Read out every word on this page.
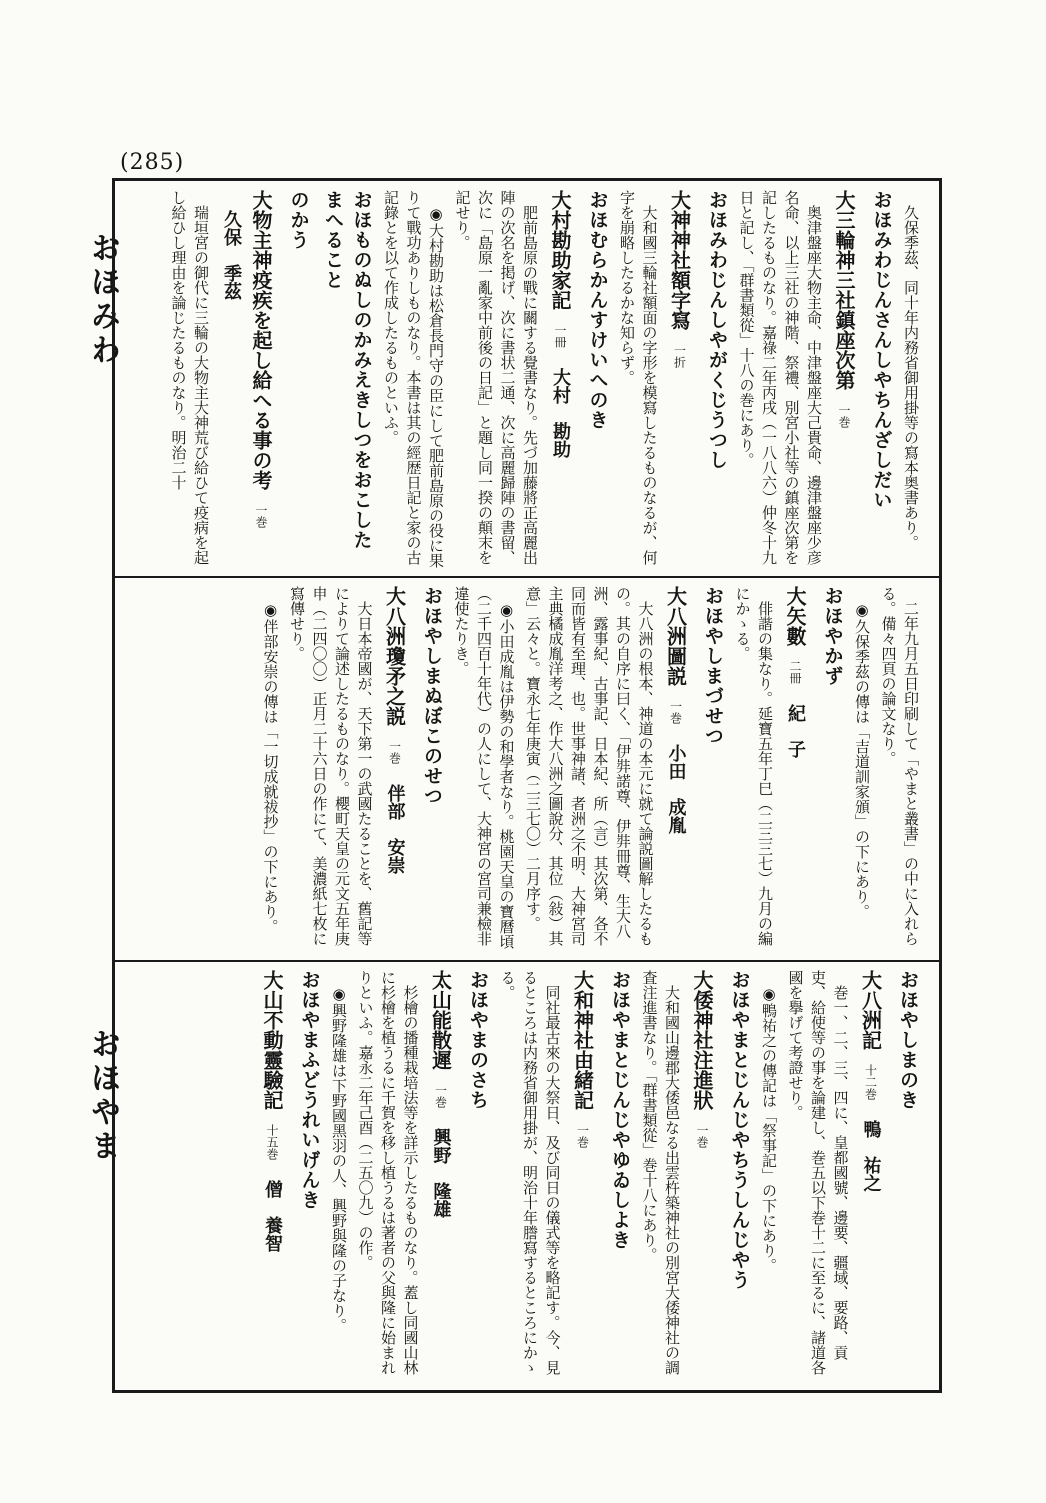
(285)
おほみわ
おほやま

久保季茲、同十年内務省御用掛等の寫本奥書あり。

おほみわじんさんしやちんざしだい
大三輪神三社鎮座次第一巻

奥津盤座大物主命、中津盤座大己貴命、邊津盤座少彦名命、以上三社の神階、祭禮、別宮小社等の鎮座次第を記したるものなり。嘉祿二年丙戌（一八八六）仲冬十九日と記し、「群書類從」十八の巻にあり。

おほみわじんしやがくじうつし
大神神社額字寫一折

大和國三輪社額面の字形を模寫したるものなるが、何字を崩略したるかな知らず。

おほむらかんすけいへのき
大村勘助家記一冊大村　勘助

肥前島原の戰に關する覺書なり。先づ加藤將正高麗出陣の次名を掲げ、次に書状二通、次に高麗歸陣の書留、次に「島原一亂家中前後の日記」と題し同一揆の顛末を記せり。

◉大村勘助は松倉長門守の臣にして肥前島原の役に果りて戰功ありしものなり。本書は其の經歴日記と家の古記錄とを以て作成したるものといふ。

おほものぬしのかみえきしつをおこしたまへること
のかう
大物主神疫疾を起し給へる事の考一巻久保　季茲

瑞垣宮の御代に三輪の大物主大神荒び給ひて疫病を起し給ひし理由を論じたるものなり。明治二十

二年九月五日印刷して「やまと叢書」の中に入れらる。備々四頁の論文なり。

◉久保季茲の傳は「吉道訓家頒」の下にあり。

おほやかず
大矢數二冊紀　子

俳諧の集なり。延寶五年丁巳（二三三七）九月の編にかゝる。

おほやしまづせつ
大八洲圖説一巻小田　成胤

大八洲の根本、神道の本元に就て論説圖解したるもの。其の自序に曰く、「伊弉諾尊、伊弉冊尊、生大八洲、露事紀、古事記、日本紀、所（言）其次第、各不同而皆有至理、也。世事神諸、者洲之不明、大神宮司主典橘成胤洋考之、作大八洲之圖說分、其位（敍）其意」云々と。寶永七年庚寅（二三七〇）二月序す。

◉小田成胤は伊勢の和學者なり。桃園天皇の寶曆頃（二千四百十年代）の人にして、大神宮の宮司兼檢非違使たりき。

おほやしまぬぼこのせつ
大八洲瓊矛之説一巻伴部　安崇

大日本帝國が、天下第一の武國たることを、舊記等によりて論述したるものなり。櫻町天皇の元文五年庚申（二四〇〇）正月二十六日の作にて、美濃紙七枚に寫傳せり。

◉伴部安崇の傳は「一切成就祓抄」の下にあり。

おほやしまのき
大八洲記十二巻鴨　祐之

巻一、二、三、四に、皇都國號、邊要、疆域、要路、貢吏、給使等の事を論建し、巻五以下巻十二に至るに、諸道各國を擧げて考證せり。

◉鴨祐之の傳記は「祭事記」の下にあり。

おほやまとじんじやちうしんじやう
大倭神社注進狀一巻

大和國山邊郡大倭邑なる出雲杵築神社の別宮大倭神社の調査注進書なり。「群書類從」巻十八にあり。

おほやまとじんじやゆゐしよき
大和神社由緒記一巻

同社最古來の大祭日、及び同日の儀式等を略記す。今、見るところは内務省御用掛が、明治十年謄寫するところにかゝる。

おほやまのさち
太山能散遲一巻興野　隆雄

杉檜の播種栽培法等を詳示したるものなり。蓋し同國山林に杉檜を植うるに千賀を移し植うるは著者の父與隆に始まれりといふ。嘉永二年己酉（二五〇九）の作。

◉興野隆雄は下野國黑羽の人、興野與隆の子なり。

おほやまふどうれいげんき
大山不動靈驗記十五巻僧　養智
